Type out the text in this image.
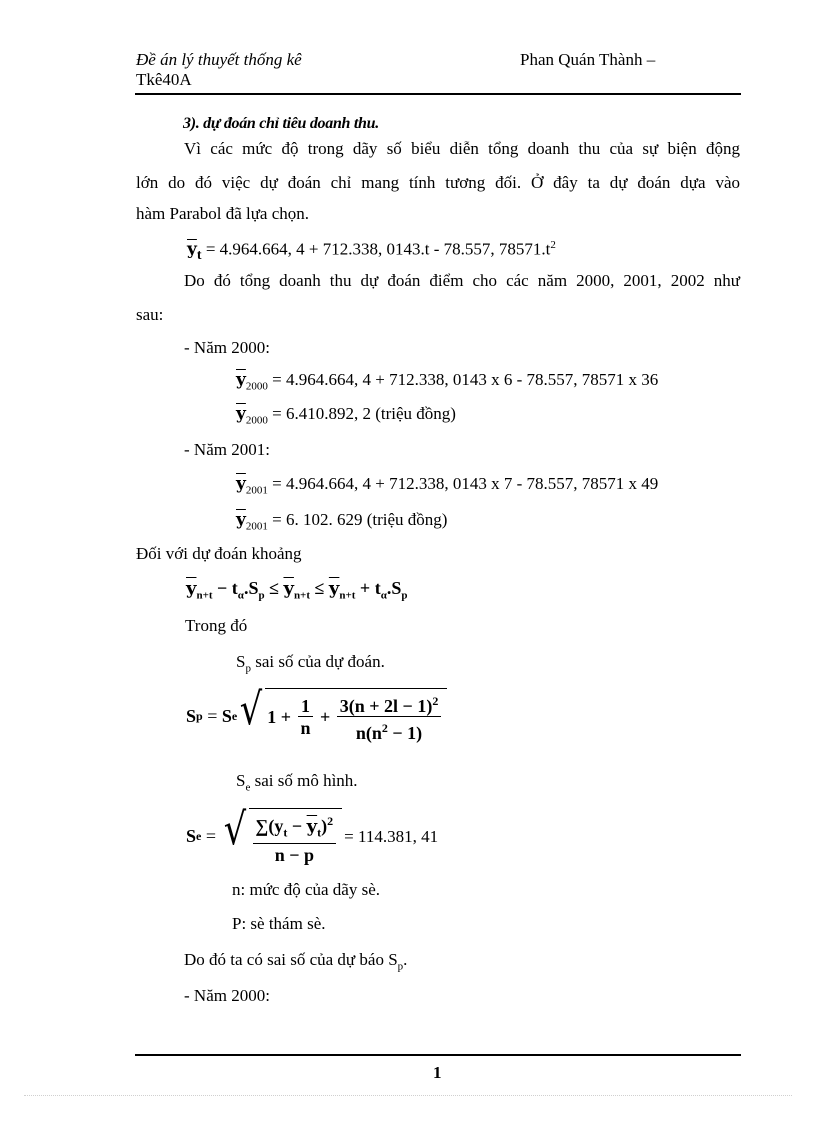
Đề án lý thuyết thống kê
Tkê40A
Phan Quán Thành –
3). dự đoán chỉ tiêu doanh thu.
Vì các mức độ trong dãy số biểu diễn tổng doanh thu của sự biện động
lớn do đó việc dự đoán chỉ mang tính tương đối. Ở đây ta dự đoán dựa vào
hàm Parabol đã lựa chọn.
$\overline{y}_t = 4.964.664$, 4 + 712.338, 0143.t - 78.557, $78571.t^2$
Do đó tổng doanh thu dự đoán điểm cho các năm 2000, 2001, 2002 như
sau:
- Năm 2000:
$\overline{y}_{2000} = 4.964.664$, 4 + 712.338, 0143 x 6 - 78.557, 78571 x 36
$\overline{y}_{2000} = 6.410.892$, 2 (triệu đồng)
- Năm 2001:
$\overline{y}_{2001} = 4.964.664$, 4 + 712.338, 0143 x 7 - 78.557, 78571 x 49
$\overline{y}_{2001} = 6$. 102. 629 (triệu đồng)
Đối với dự đoán khoảng
$\overline{y}_{n+t} - t_\alpha.S_p \le \overline{y}_{n+t} \le \overline{y}_{n+t} + t_\alpha.S_p$
Trong đó
$S_p$ sai số của dự đoán.
S p = S e √ $1 + \frac{1}{n} + \frac{3(n + 2l - 1)^2}{n(n^2 - 1)}$
$S_e$ sai số mô hình.
S e = √ $\frac{\sum(y_t - \overline{y}_t)^2}{n - p} = 114.381$, 41
n: mức độ của dãy sè.
P: sè thám sè.
Do đó ta có sai số của dự báo $S_p$.
- Năm 2000:
1
